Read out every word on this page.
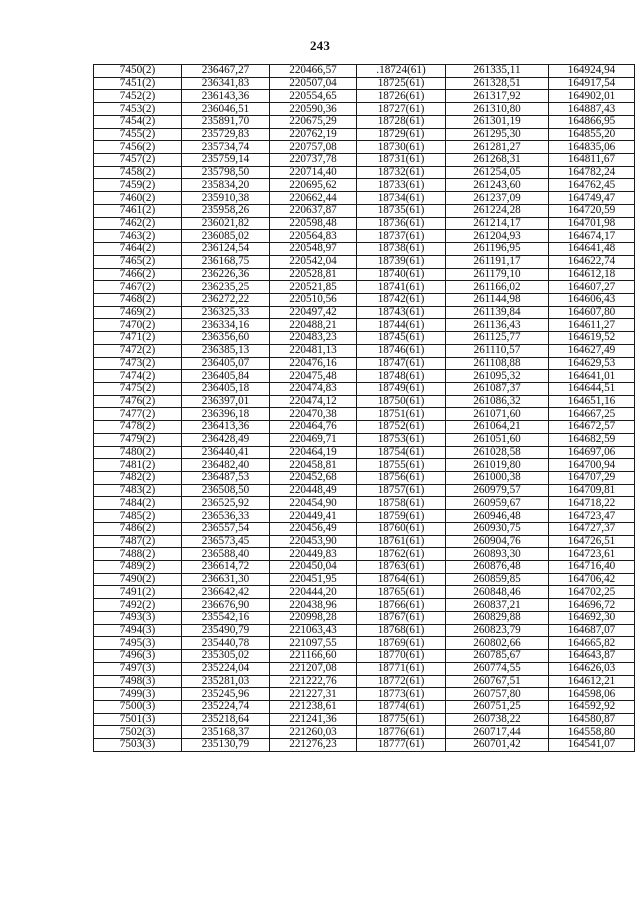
243
7450(2)	236467,27	220466,57	.18724(61)	261335,11	164924,94
7451(2)	236341,83	220507,04	18725(61)	261328,51	164917,54
7452(2)	236143,36	220554,65	18726(61)	261317,92	164902,01
7453(2)	236046,51	220590,36	18727(61)	261310,80	164887,43
7454(2)	235891,70	220675,29	18728(61)	261301,19	164866,95
7455(2)	235729,83	220762,19	18729(61)	261295,30	164855,20
7456(2)	235734,74	220757,08	18730(61)	261281,27	164835,06
7457(2)	235759,14	220737,78	18731(61)	261268,31	164811,67
7458(2)	235798,50	220714,40	18732(61)	261254,05	164782,24
7459(2)	235834,20	220695,62	18733(61)	261243,60	164762,45
7460(2)	235910,38	220662,44	18734(61)	261237,09	164749,47
7461(2)	235958,26	220637,87	18735(61)	261224,28	164720,59
7462(2)	236021,82	220598,48	18736(61)	261214,17	164701,98
7463(2)	236085,02	220564,83	18737(61)	261204,93	164674,17
7464(2)	236124,54	220548,97	18738(61)	261196,95	164641,48
7465(2)	236168,75	220542,04	18739(61)	261191,17	164622,74
7466(2)	236226,36	220528,81	18740(61)	261179,10	164612,18
7467(2)	236235,25	220521,85	18741(61)	261166,02	164607,27
7468(2)	236272,22	220510,56	18742(61)	261144,98	164606,43
7469(2)	236325,33	220497,42	18743(61)	261139,84	164607,80
7470(2)	236334,16	220488,21	18744(61)	261136,43	164611,27
7471(2)	236356,60	220483,23	18745(61)	261125,77	164619,52
7472(2)	236385,13	220481,13	18746(61)	261110,57	164627,49
7473(2)	236405,07	220476,16	18747(61)	261108,88	164629,53
7474(2)	236405,84	220475,48	18748(61)	261095,32	164641,01
7475(2)	236405,18	220474,83	18749(61)	261087,37	164644,51
7476(2)	236397,01	220474,12	18750(61)	261086,32	164651,16
7477(2)	236396,18	220470,38	18751(61)	261071,60	164667,25
7478(2)	236413,36	220464,76	18752(61)	261064,21	164672,57
7479(2)	236428,49	220469,71	18753(61)	261051,60	164682,59
7480(2)	236440,41	220464,19	18754(61)	261028,58	164697,06
7481(2)	236482,40	220458,81	18755(61)	261019,80	164700,94
7482(2)	236487,53	220452,68	18756(61)	261000,38	164707,29
7483(2)	236508,50	220448,49	18757(61)	260979,57	164709,81
7484(2)	236525,92	220454,90	18758(61)	260959,67	164718,22
7485(2)	236536,33	220449,41	18759(61)	260946,48	164723,47
7486(2)	236557,54	220456,49	18760(61)	260930,75	164727,37
7487(2)	236573,45	220453,90	18761(61)	260904,76	164726,51
7488(2)	236588,40	220449,83	18762(61)	260893,30	164723,61
7489(2)	236614,72	220450,04	18763(61)	260876,48	164716,40
7490(2)	236631,30	220451,95	18764(61)	260859,85	164706,42
7491(2)	236642,42	220444,20	18765(61)	260848,46	164702,25
7492(2)	236676,90	220438,96	18766(61)	260837,21	164696,72
7493(3)	235542,16	220998,28	18767(61)	260829,88	164692,30
7494(3)	235490,79	221063,43	18768(61)	260823,79	164687,07
7495(3)	235440,78	221097,55	18769(61)	260802,66	164665,82
7496(3)	235305,02	221166,60	18770(61)	260785,67	164643,87
7497(3)	235224,04	221207,08	18771(61)	260774,55	164626,03
7498(3)	235281,03	221222,76	18772(61)	260767,51	164612,21
7499(3)	235245,96	221227,31	18773(61)	260757,80	164598,06
7500(3)	235224,74	221238,61	18774(61)	260751,25	164592,92
7501(3)	235218,64	221241,36	18775(61)	260738,22	164580,87
7502(3)	235168,37	221260,03	18776(61)	260717,44	164558,80
7503(3)	235130,79	221276,23	18777(61)	260701,42	164541,07
